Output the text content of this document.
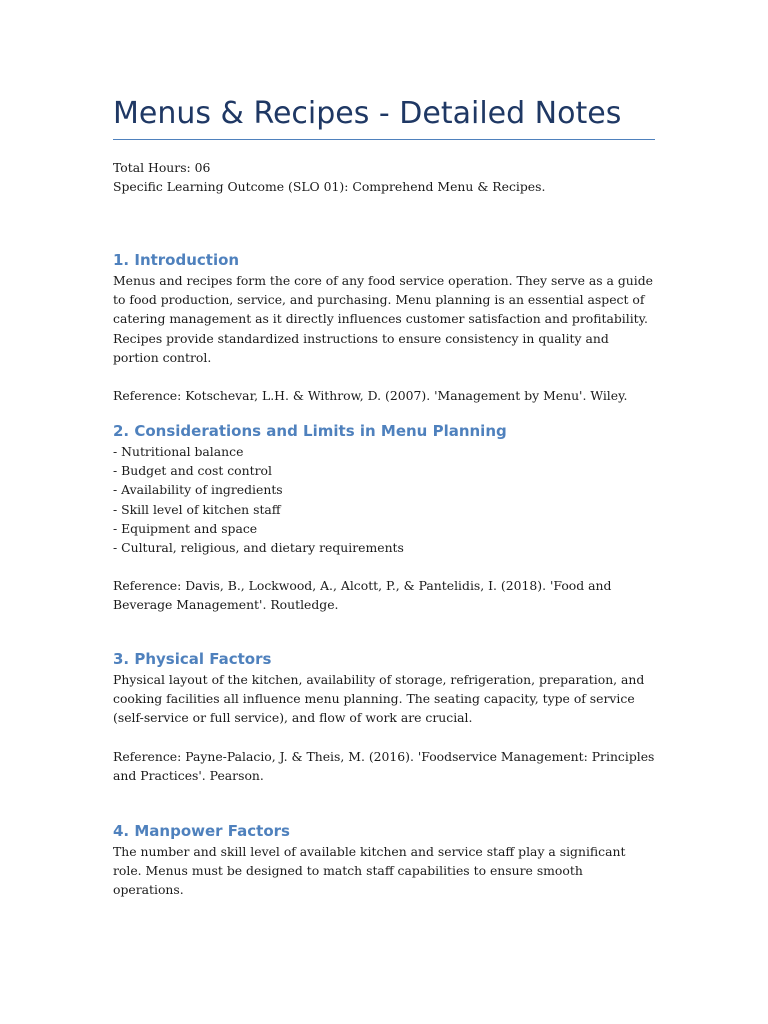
Menus & Recipes - Detailed Notes

Total Hours: 06

Specific Learning Outcome (SLO 01): Comprehend Menu & Recipes.

1. Introduction

Menus and recipes form the core of any food service operation. They serve as a guide to food production, service, and purchasing. Menu planning is an essential aspect of catering management as it directly influences customer satisfaction and profitability. Recipes provide standardized instructions to ensure consistency in quality and portion control.

Reference: Kotschevar, L.H. & Withrow, D. (2007). 'Management by Menu'. Wiley.

2. Considerations and Limits in Menu Planning
- Nutritional balance
- Budget and cost control
- Availability of ingredients
- Skill level of kitchen staff
- Equipment and space
- Cultural, religious, and dietary requirements

Reference: Davis, B., Lockwood, A., Alcott, P., & Pantelidis, I. (2018). 'Food and Beverage Management'. Routledge.

3. Physical Factors

Physical layout of the kitchen, availability of storage, refrigeration, preparation, and cooking facilities all influence menu planning. The seating capacity, type of service (self-service or full service), and flow of work are crucial.

Reference: Payne-Palacio, J. & Theis, M. (2016). 'Foodservice Management: Principles and Practices'. Pearson.

4. Manpower Factors

The number and skill level of available kitchen and service staff play a significant role. Menus must be designed to match staff capabilities to ensure smooth operations.
